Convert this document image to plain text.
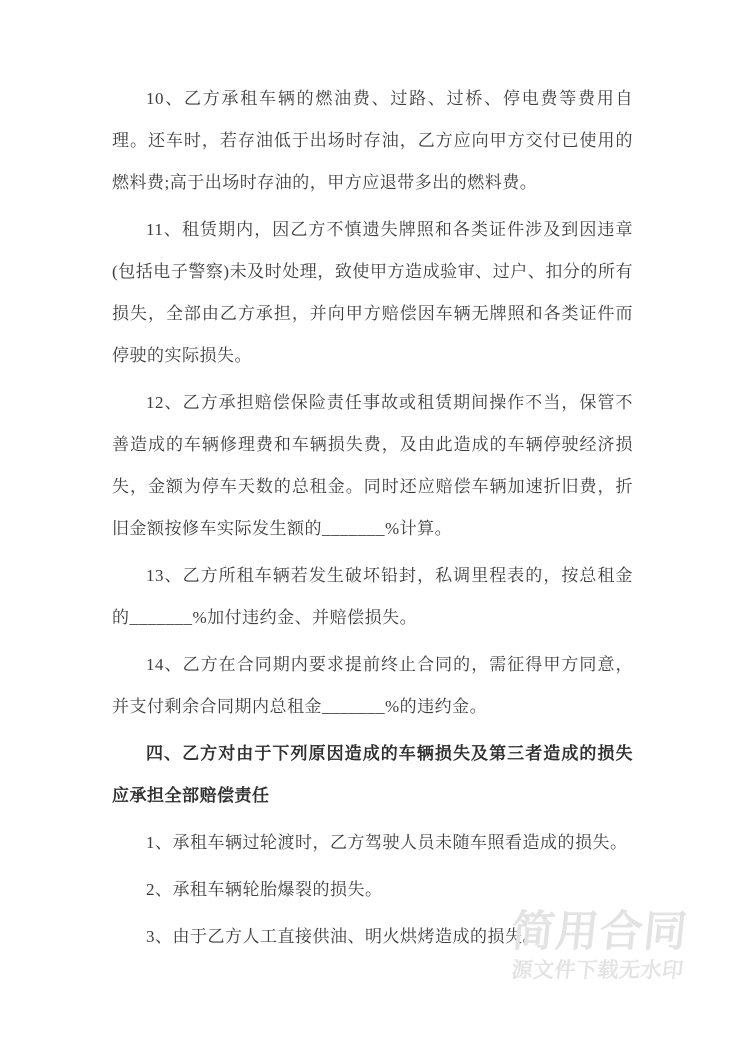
10、乙方承租车辆的燃油费、过路、过桥、停电费等费用自理。还车时，若存油低于出场时存油，乙方应向甲方交付已使用的燃料费;高于出场时存油的，甲方应退带多出的燃料费。

11、租赁期内，因乙方不慎遗失牌照和各类证件涉及到因违章(包括电子警察)未及时处理，致使甲方造成验审、过户、扣分的所有损失，全部由乙方承担，并向甲方赔偿因车辆无牌照和各类证件而停驶的实际损失。

12、乙方承担赔偿保险责任事故或租赁期间操作不当，保管不善造成的车辆修理费和车辆损失费，及由此造成的车辆停驶经济损失，金额为停车天数的总租金。同时还应赔偿车辆加速折旧费，折旧金额按修车实际发生额的_______%计算。

13、乙方所租车辆若发生破坏铅封，私调里程表的，按总租金的_______%加付违约金、并赔偿损失。

14、乙方在合同期内要求提前终止合同的，需征得甲方同意，并支付剩余合同期内总租金_______%的违约金。

四、乙方对由于下列原因造成的车辆损失及第三者造成的损失应承担全部赔偿责任

1、承租车辆过轮渡时，乙方驾驶人员未随车照看造成的损失。

2、承租车辆轮胎爆裂的损失。

3、由于乙方人工直接供油、明火烘烤造成的损失。

简用合同
源文件下载无水印
